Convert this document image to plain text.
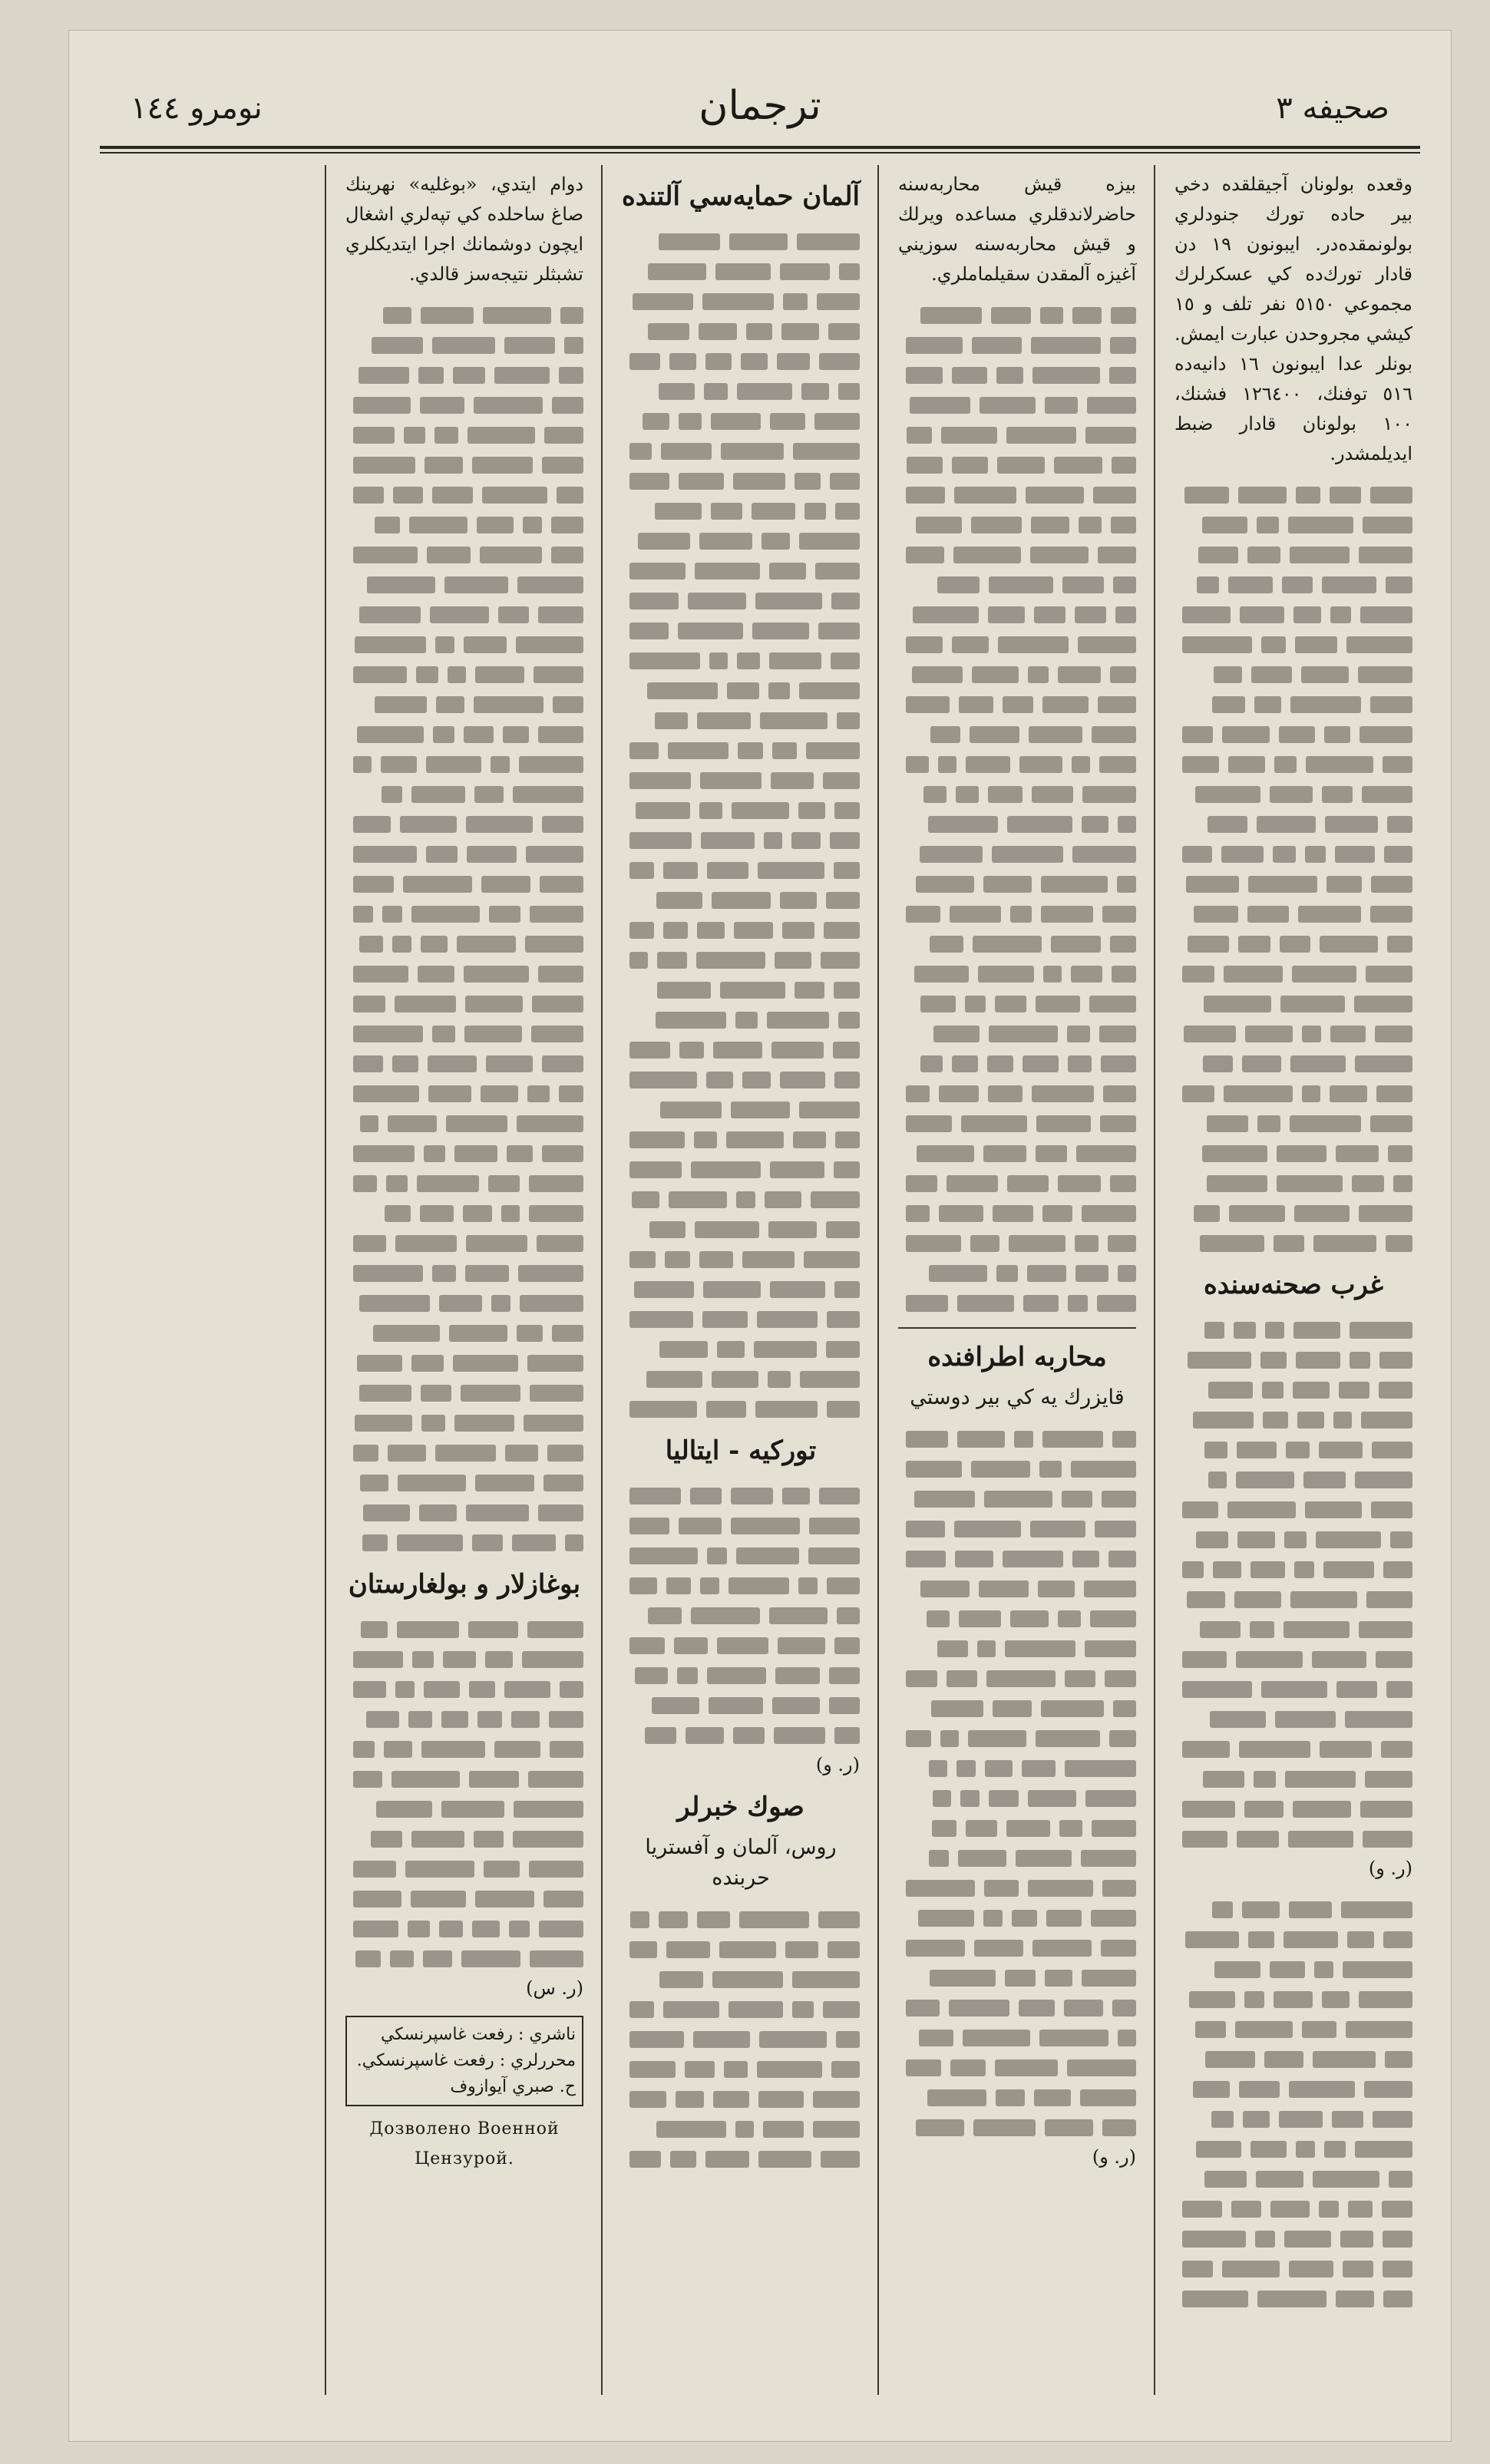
نومرو ١٤٤	ترجمان	صحيفه ٣

وقعده بولونان آجيقلقده دخي بير حاده تورك جنودلري بولونمقده‌در. ايبونون ١٩ دن قادار تورك‌ده كي عسكرلرك مجموعي ٥١٥٠ نفر تلف و ١٥ كيشي مجروحدن عبارت ايمش. بونلر عدا ايبونون ١٦ دانيه‌ده ٥١٦ توفنك، ١٢٦٤٠٠ فشنك، ١٠٠ بولونان قادار ضبط ايديلمشدر.

غرب صحنه‌سنده
(ر. و)

بيزه قيش محاربه‌سنه حاضرلاندقلري مساعده ويرلك و قيش محاربه‌سنه سوزيني آغيزه آلمقدن سقيلماملري.

محاربه اطرافنده
قايزرك يه كي بير دوستي
(ر. و)
آلمان حمايه‌سي آلتنده
توركيه - ايتاليا
(ر. و)
صوك خبرلر
روس، آلمان و آفستريا حربنده

دوام ايتدي، «بوغليه» نهرينك صاغ ساحلده كي تپه‌لري اشغال ايچون دوشمانك اجرا ايتديكلري تشبثلر نتيجه‌سز قالدي.

بوغازلار و بولغارستان
(ر. س)
ناشري : رفعت غاسپرنسكي
محررلري : رفعت غاسپرنسكي.
ح. صبري آيوازوف
Дозволено Военной Цензурой.
